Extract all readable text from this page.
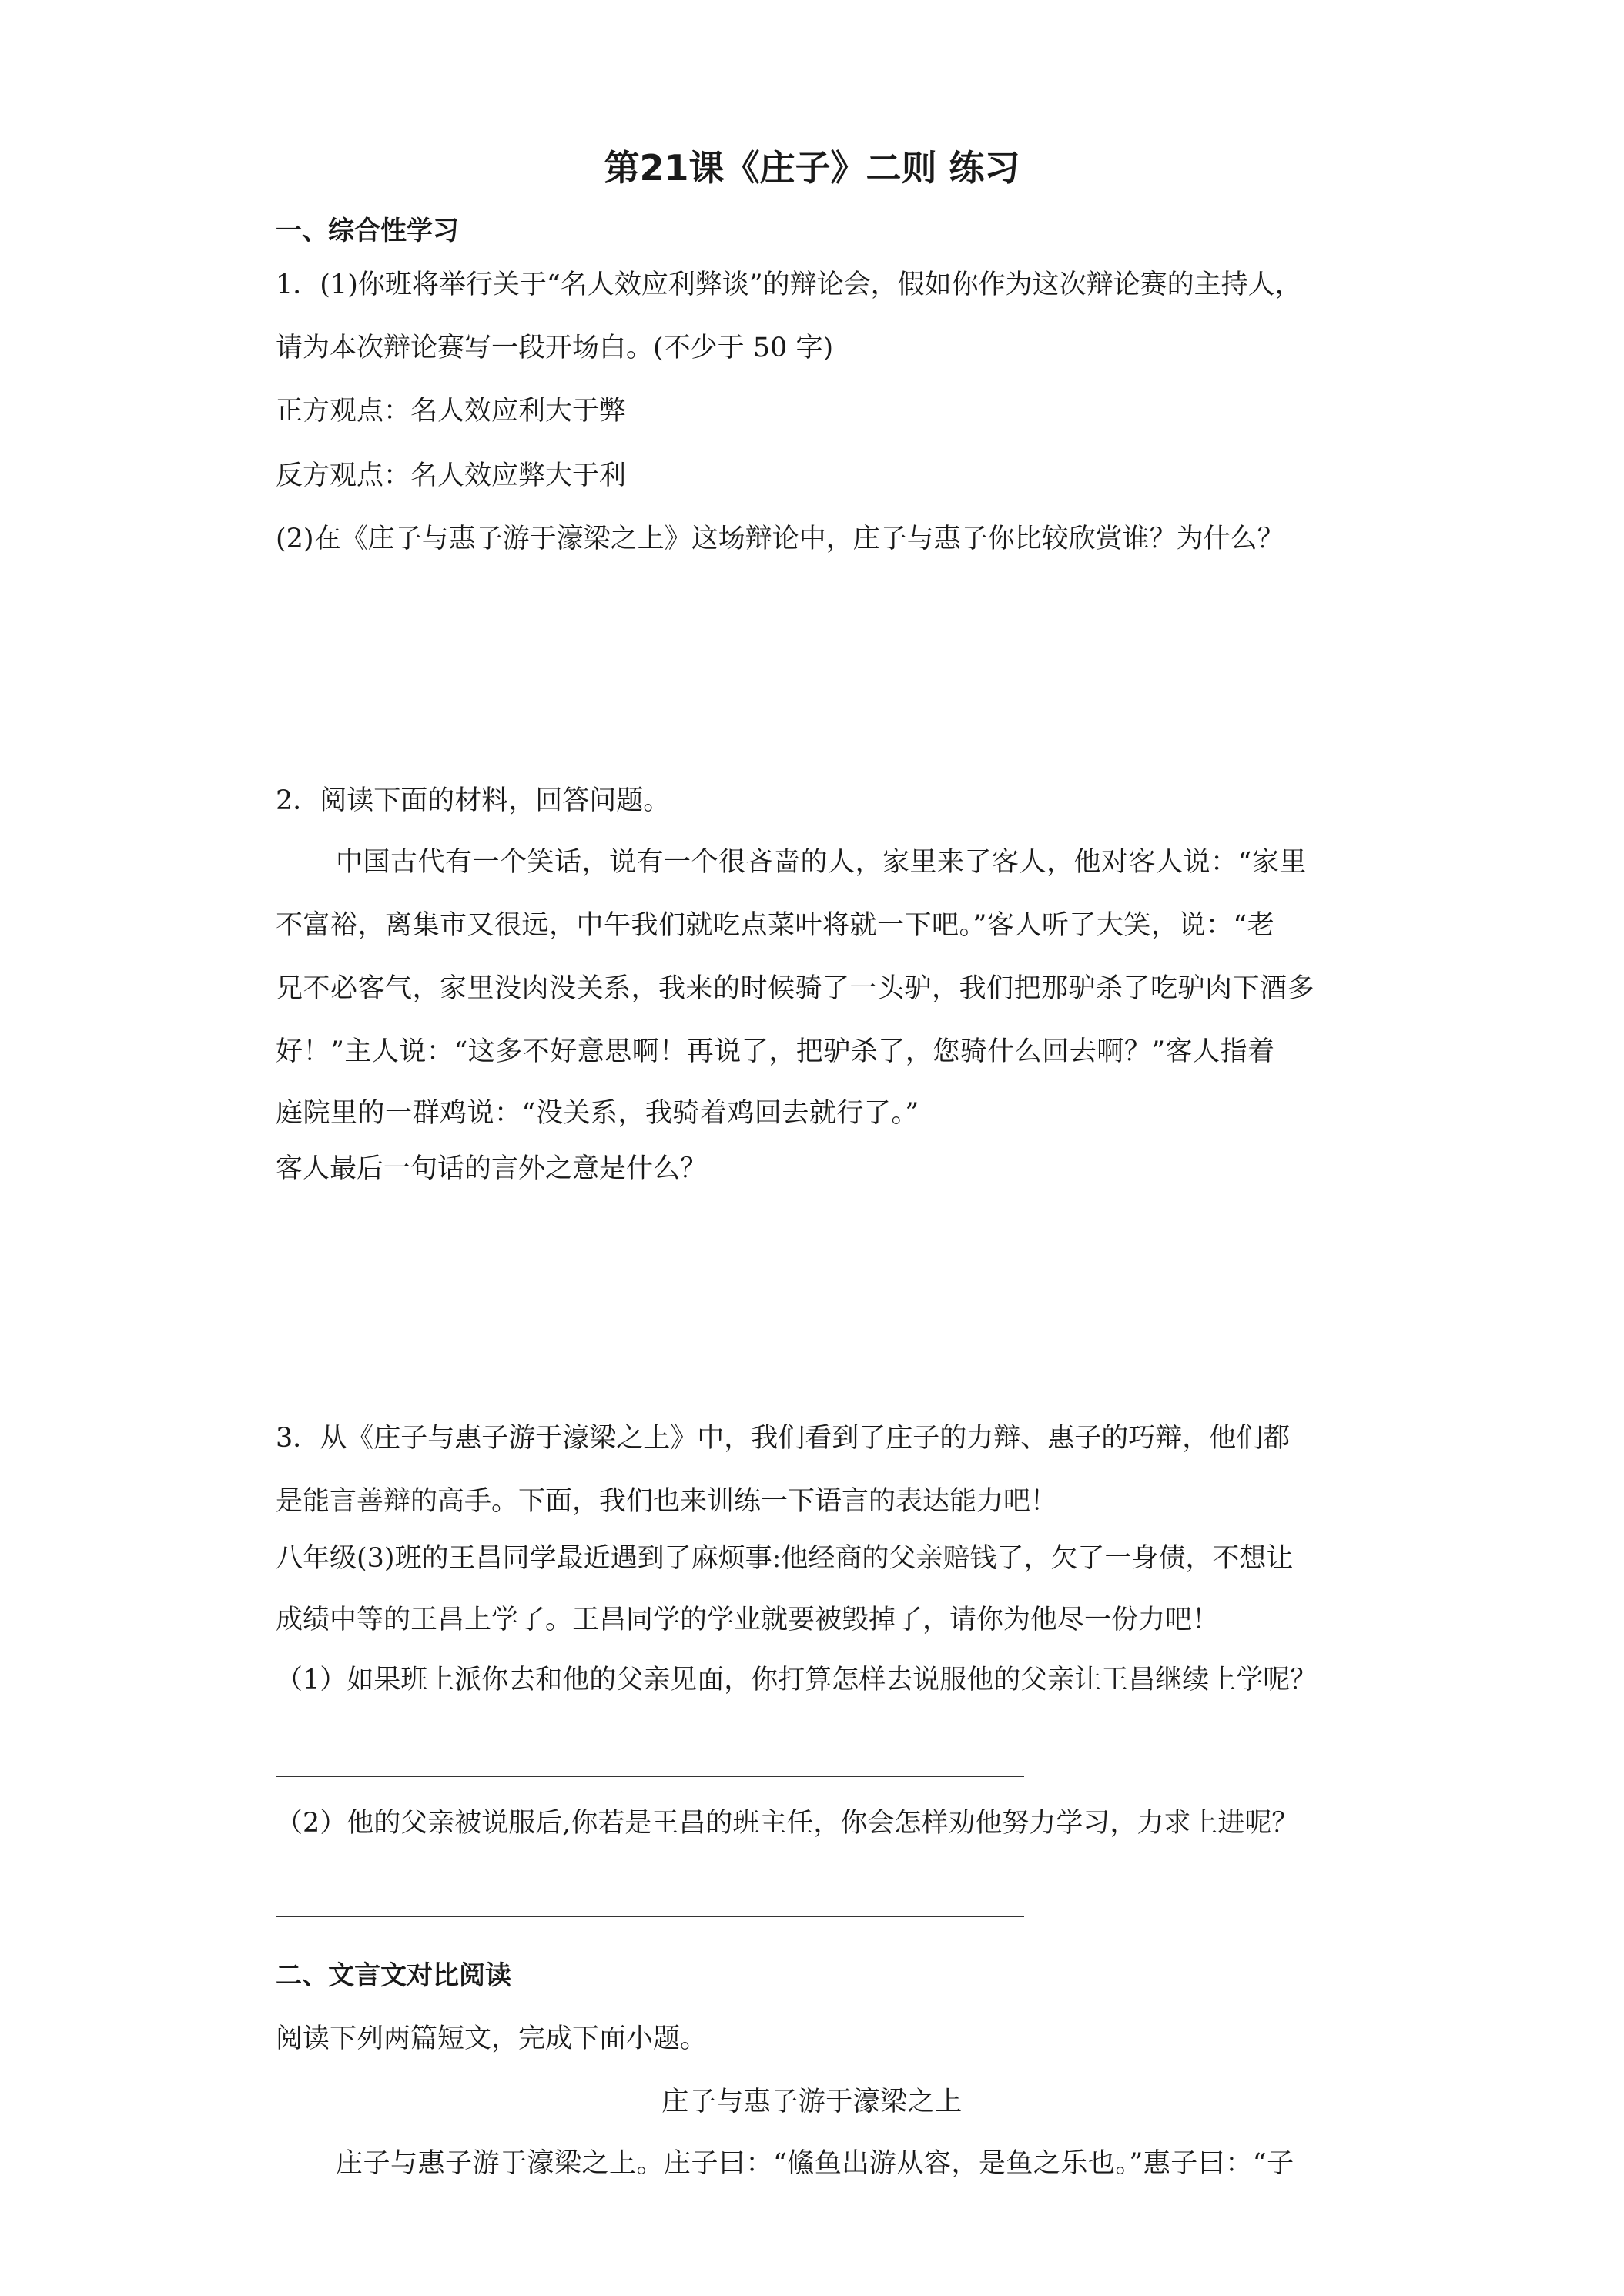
第21课《庄子》二则 练习

一、综合性学习

1．(1)你班将举行关于“名人效应利弊谈”的辩论会，假如你作为这次辩论赛的主持人，

请为本次辩论赛写一段开场白。(不少于 50 字)

正方观点：名人效应利大于弊

反方观点：名人效应弊大于利

(2)在《庄子与惠子游于濠梁之上》这场辩论中，庄子与惠子你比较欣赏谁？为什么？

2．阅读下面的材料，回答问题。

中国古代有一个笑话，说有一个很吝啬的人，家里来了客人，他对客人说：“家里

不富裕，离集市又很远，中午我们就吃点菜叶将就一下吧。”客人听了大笑，说：“老

兄不必客气，家里没肉没关系，我来的时候骑了一头驴，我们把那驴杀了吃驴肉下酒多

好！”主人说：“这多不好意思啊！再说了，把驴杀了，您骑什么回去啊？”客人指着

庭院里的一群鸡说：“没关系，我骑着鸡回去就行了。”

客人最后一句话的言外之意是什么？

3．从《庄子与惠子游于濠梁之上》中，我们看到了庄子的力辩、惠子的巧辩，他们都

是能言善辩的高手。下面，我们也来训练一下语言的表达能力吧！

八年级(3)班的王昌同学最近遇到了麻烦事:他经商的父亲赔钱了，欠了一身债，不想让

成绩中等的王昌上学了。王昌同学的学业就要被毁掉了，请你为他尽一份力吧！

（1）如果班上派你去和他的父亲见面，你打算怎样去说服他的父亲让王昌继续上学呢？

（2）他的父亲被说服后,你若是王昌的班主任，你会怎样劝他努力学习，力求上进呢？

二、文言文对比阅读

阅读下列两篇短文，完成下面小题。

庄子与惠子游于濠梁之上

庄子与惠子游于濠梁之上。庄子曰：“鯈鱼出游从容，是鱼之乐也。”惠子曰：“子
